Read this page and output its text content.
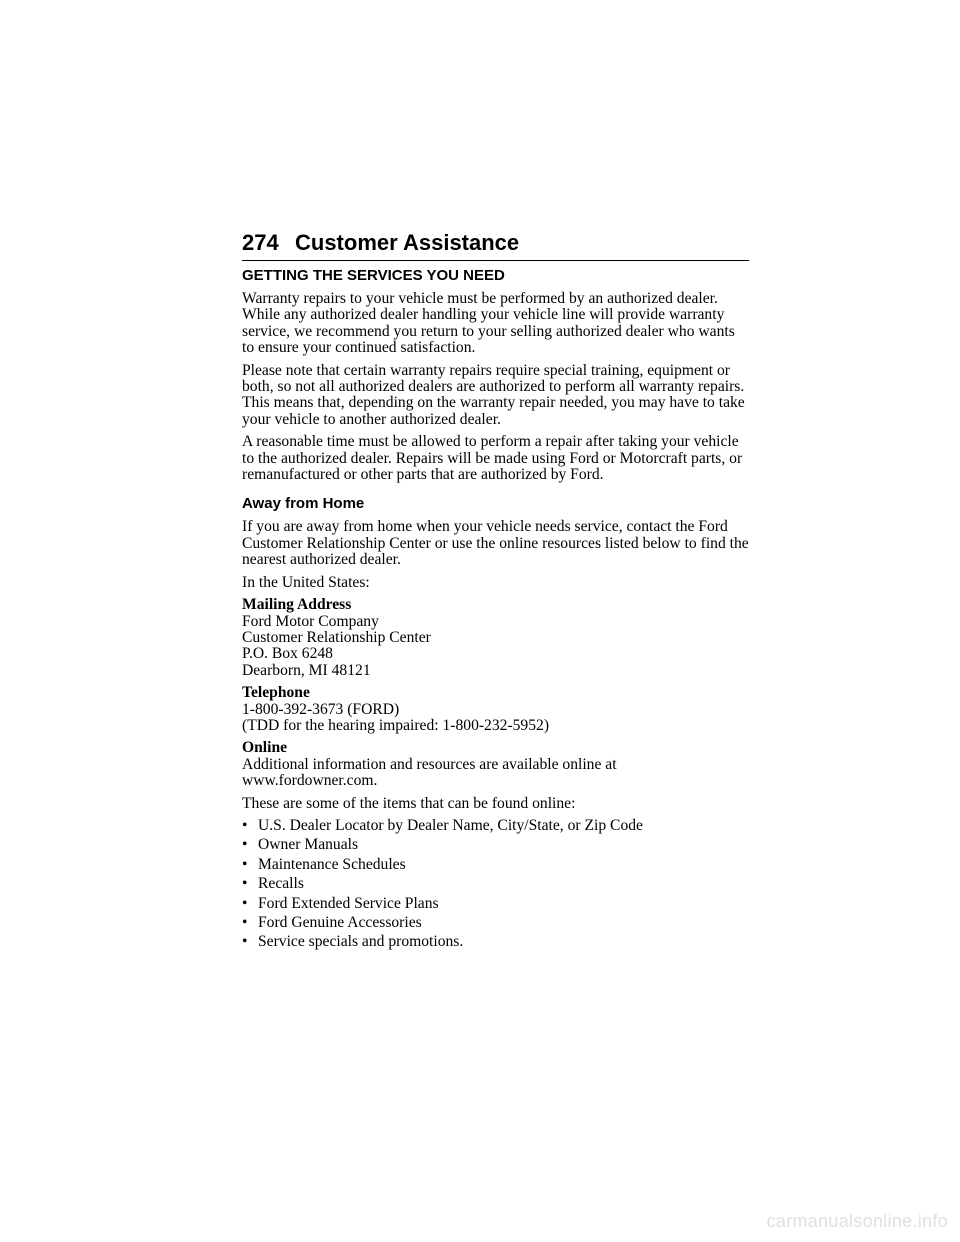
274 Customer Assistance
GETTING THE SERVICES YOU NEED

Warranty repairs to your vehicle must be performed by an authorized dealer. While any authorized dealer handling your vehicle line will provide warranty service, we recommend you return to your selling authorized dealer who wants to ensure your continued satisfaction.

Please note that certain warranty repairs require special training, equipment or both, so not all authorized dealers are authorized to perform all warranty repairs. This means that, depending on the warranty repair needed, you may have to take your vehicle to another authorized dealer.

A reasonable time must be allowed to perform a repair after taking your vehicle to the authorized dealer. Repairs will be made using Ford or Motorcraft parts, or remanufactured or other parts that are authorized by Ford.

Away from Home

If you are away from home when your vehicle needs service, contact the Ford Customer Relationship Center or use the online resources listed below to find the nearest authorized dealer.

In the United States:

Mailing Address
Ford Motor Company
Customer Relationship Center
P.O. Box 6248
Dearborn, MI 48121
Telephone
1-800-392-3673 (FORD)
(TDD for the hearing impaired: 1-800-232-5952)
Online
Additional information and resources are available online at www.fordowner.com.

These are some of the items that can be found online:

• U.S. Dealer Locator by Dealer Name, City/State, or Zip Code
• Owner Manuals
• Maintenance Schedules
• Recalls
• Ford Extended Service Plans
• Ford Genuine Accessories
• Service specials and promotions.
carmanualsonline.info
